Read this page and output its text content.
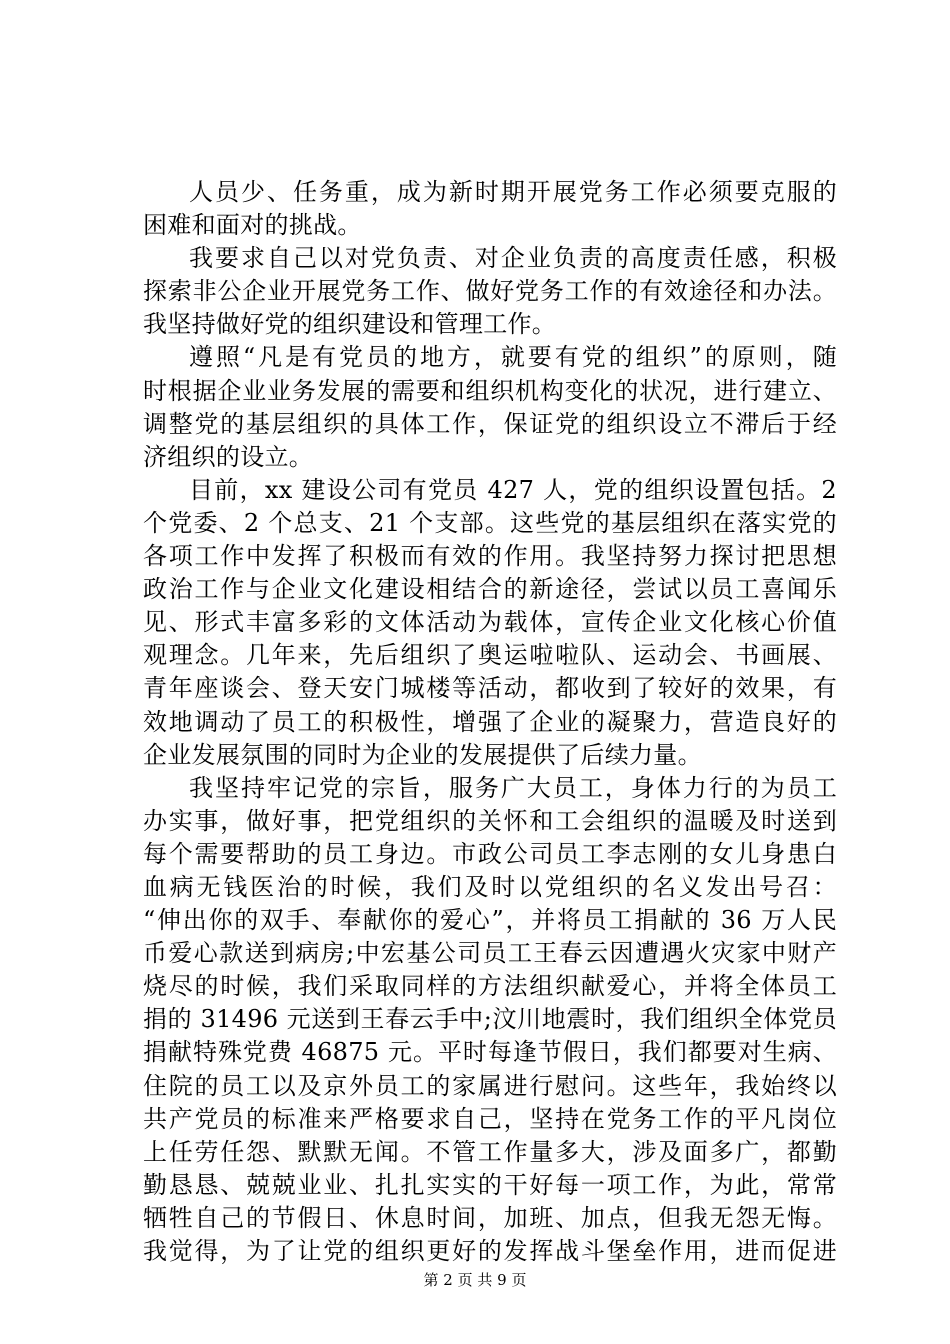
人员少、任务重，成为新时期开展党务工作必须要克服的
困难和面对的挑战。
我要求自己以对党负责、对企业负责的高度责任感，积极
探索非公企业开展党务工作、做好党务工作的有效途径和办法。
我坚持做好党的组织建设和管理工作。
遵照“凡是有党员的地方，就要有党的组织”的原则，随
时根据企业业务发展的需要和组织机构变化的状况，进行建立、
调整党的基层组织的具体工作，保证党的组织设立不滞后于经
济组织的设立。
目前，xx 建设公司有党员 427 人，党的组织设置包括。2
个党委、2 个总支、21 个支部。这些党的基层组织在落实党的
各项工作中发挥了积极而有效的作用。我坚持努力探讨把思想
政治工作与企业文化建设相结合的新途径，尝试以员工喜闻乐
见、形式丰富多彩的文体活动为载体，宣传企业文化核心价值
观理念。几年来，先后组织了奥运啦啦队、运动会、书画展、
青年座谈会、登天安门城楼等活动，都收到了较好的效果，有
效地调动了员工的积极性，增强了企业的凝聚力，营造良好的
企业发展氛围的同时为企业的发展提供了后续力量。
我坚持牢记党的宗旨，服务广大员工，身体力行的为员工
办实事，做好事，把党组织的关怀和工会组织的温暖及时送到
每个需要帮助的员工身边。市政公司员工李志刚的女儿身患白
血病无钱医治的时候，我们及时以党组织的名义发出号召：
“伸出你的双手、奉献你的爱心”，并将员工捐献的 36 万人民
币爱心款送到病房;中宏基公司员工王春云因遭遇火灾家中财产
烧尽的时候，我们采取同样的方法组织献爱心，并将全体员工
捐的 31496 元送到王春云手中;汶川地震时，我们组织全体党员
捐献特殊党费 46875 元。平时每逢节假日，我们都要对生病、
住院的员工以及京外员工的家属进行慰问。这些年，我始终以
共产党员的标准来严格要求自己，坚持在党务工作的平凡岗位
上任劳任怨、默默无闻。不管工作量多大，涉及面多广，都勤
勤恳恳、兢兢业业、扎扎实实的干好每一项工作，为此，常常
牺牲自己的节假日、休息时间，加班、加点，但我无怨无悔。
我觉得，为了让党的组织更好的发挥战斗堡垒作用，进而促进
第 2 页 共 9 页
